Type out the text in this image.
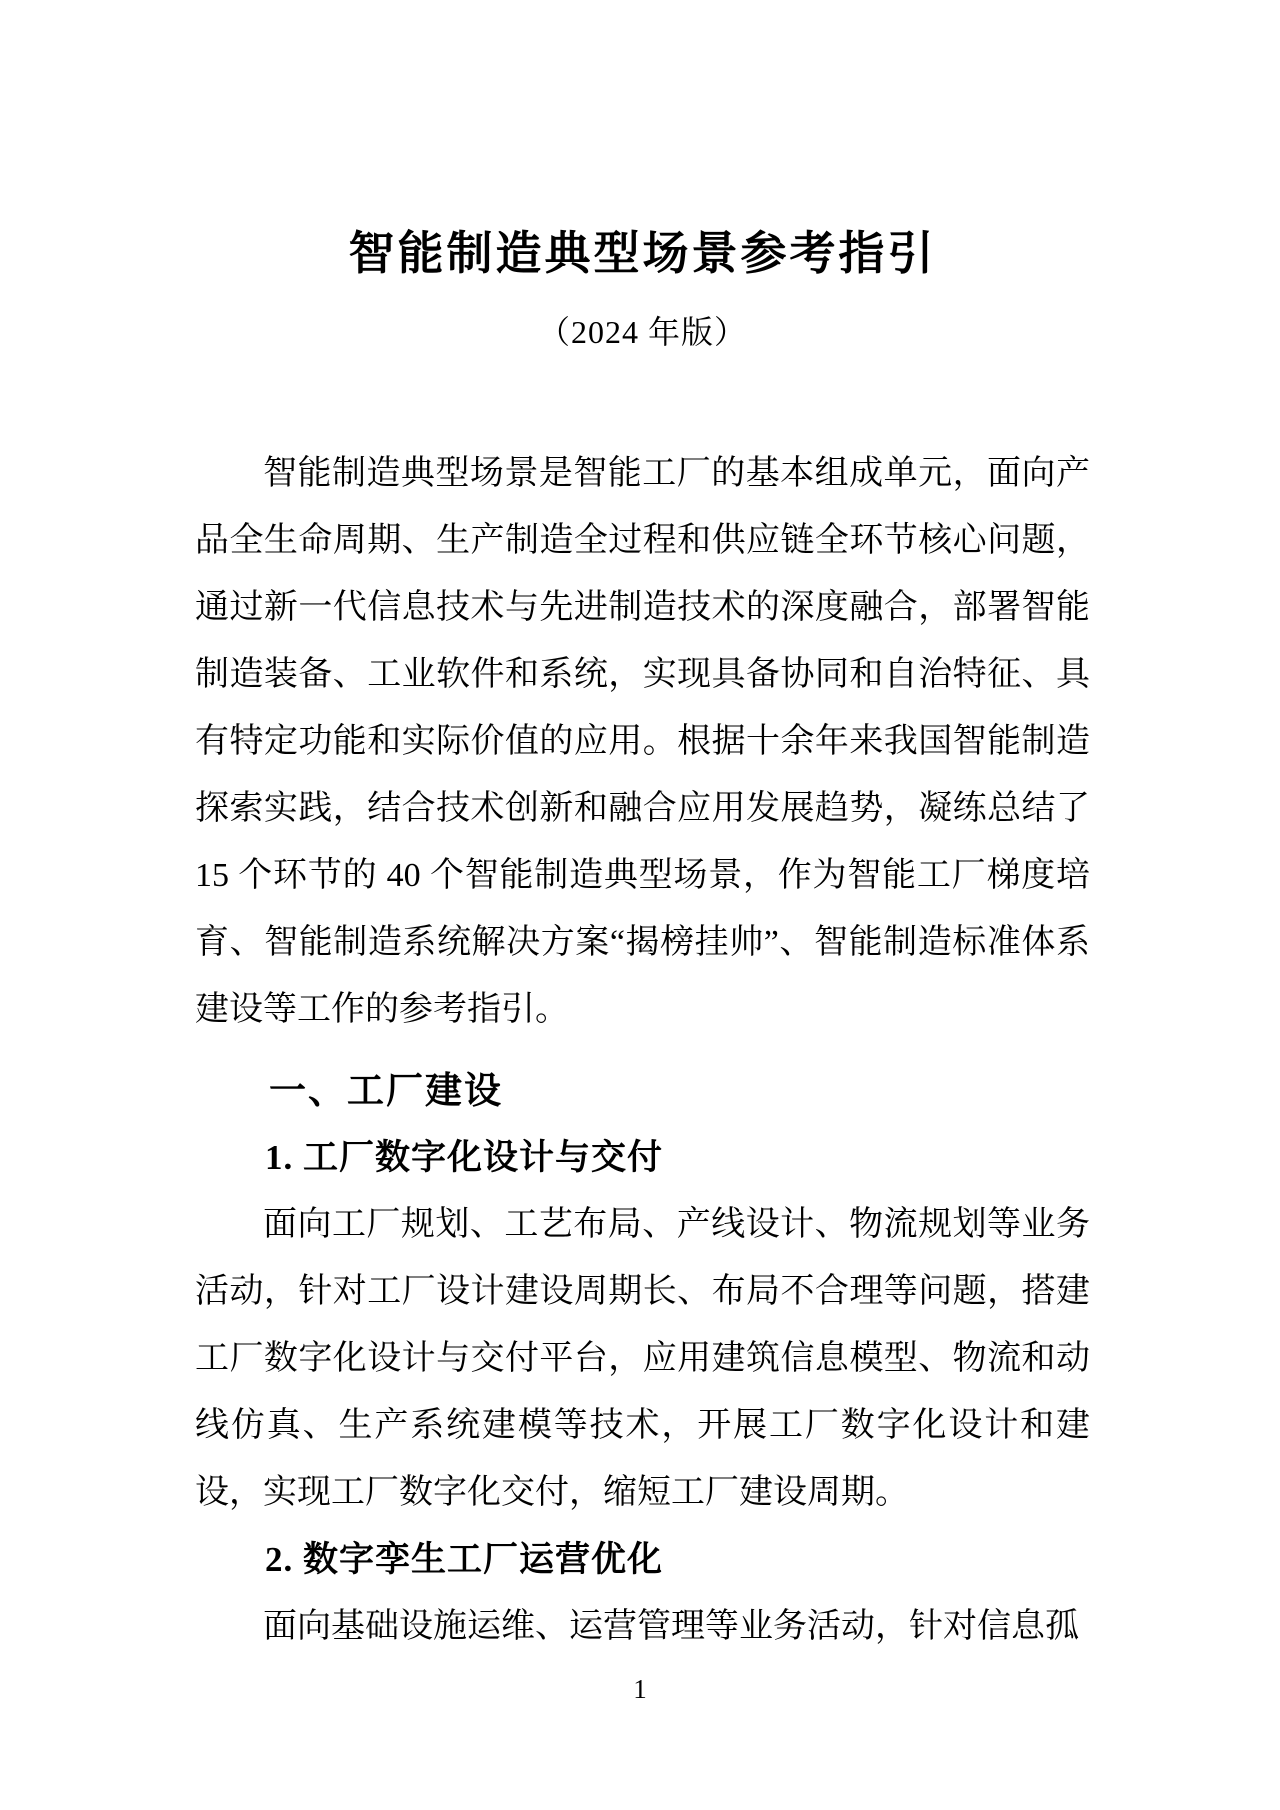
智能制造典型场景参考指引
（2024 年版）

智能制造典型场景是智能工厂的基本组成单元，面向产品全生命周期、生产制造全过程和供应链全环节核心问题，通过新一代信息技术与先进制造技术的深度融合，部署智能制造装备、工业软件和系统，实现具备协同和自治特征、具有特定功能和实际价值的应用。根据十余年来我国智能制造探索实践，结合技术创新和融合应用发展趋势，凝练总结了 15 个环节的 40 个智能制造典型场景，作为智能工厂梯度培育、智能制造系统解决方案“揭榜挂帅”、智能制造标准体系建设等工作的参考指引。

一、工厂建设
1. 工厂数字化设计与交付

面向工厂规划、工艺布局、产线设计、物流规划等业务活动，针对工厂设计建设周期长、布局不合理等问题，搭建工厂数字化设计与交付平台，应用建筑信息模型、物流和动线仿真、生产系统建模等技术，开展工厂数字化设计和建设，实现工厂数字化交付，缩短工厂建设周期。

2. 数字孪生工厂运营优化

面向基础设施运维、运营管理等业务活动，针对信息孤

1
